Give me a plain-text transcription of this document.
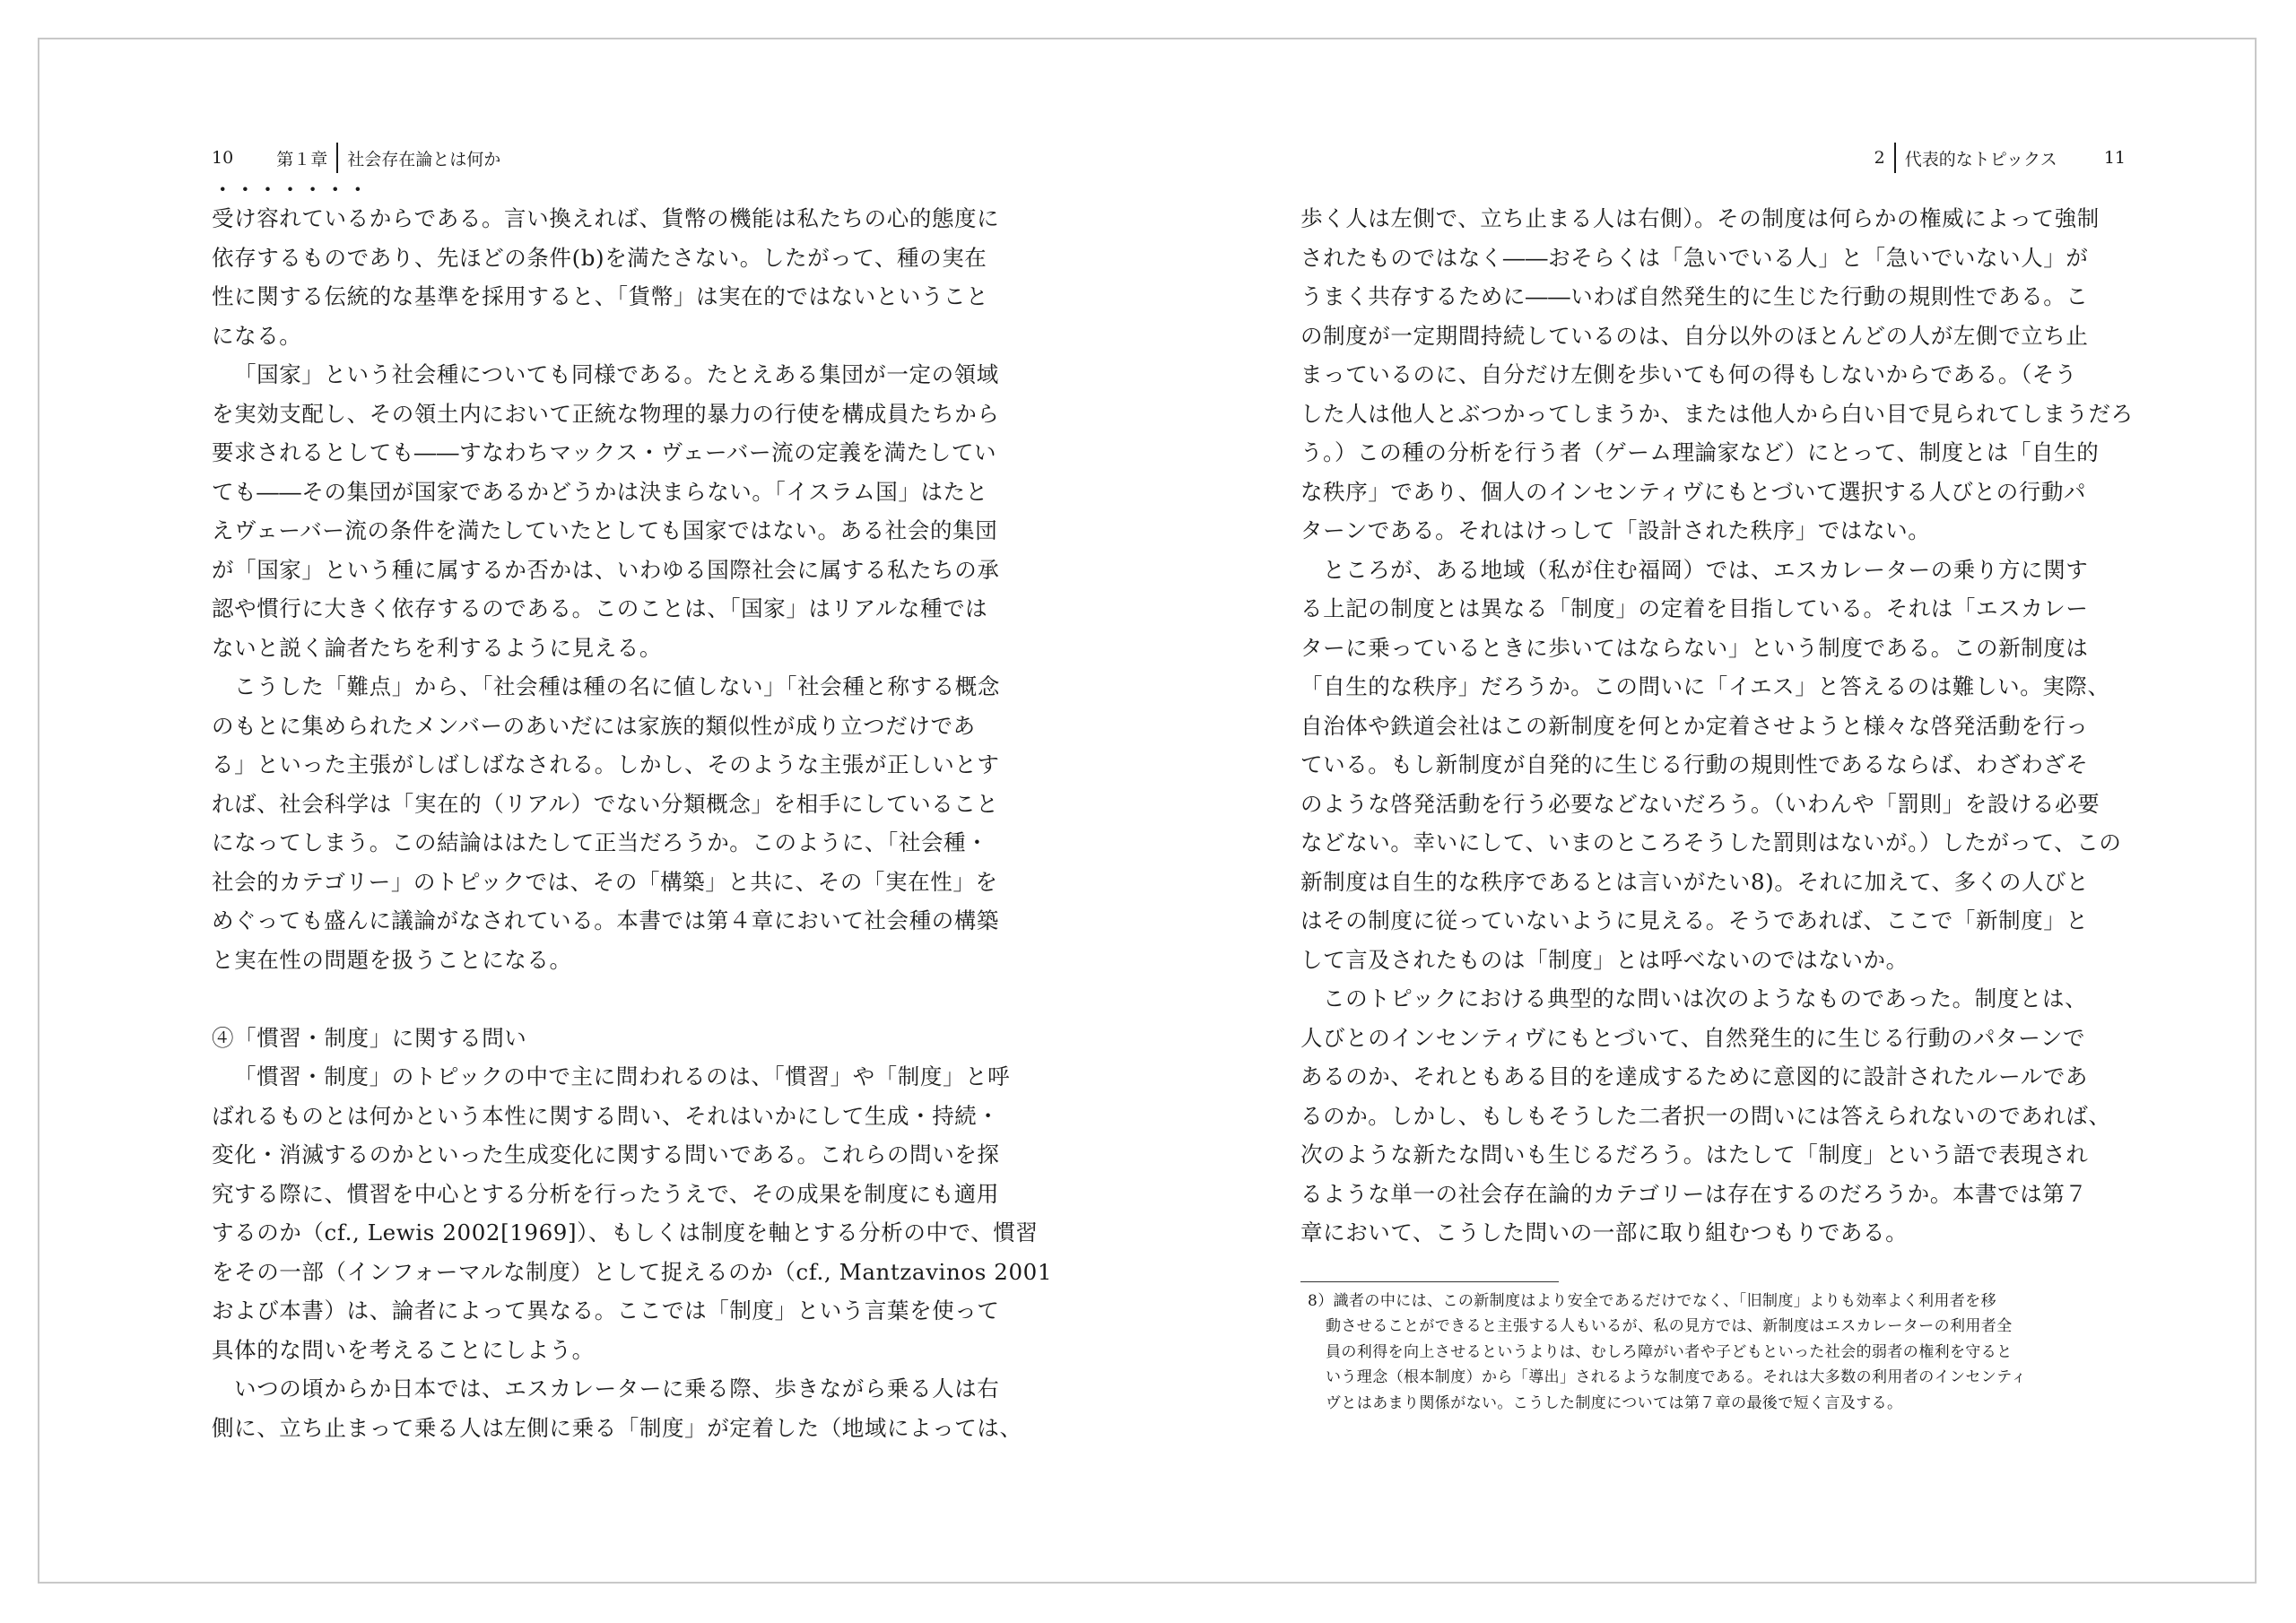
10	第１章 社会存在論とは何か
・・・・・・・ 受け容れているからである。言い換えれば、貨幣の機能は私たちの心的態度に
依存するものであり、先ほどの条件(b)を満たさない。したがって、種の実在
性に関する伝統的な基準を採用すると、「貨幣」は実在的ではないということ
になる。
「国家」という社会種についても同様である。たとえある集団が一定の領域
を実効支配し、その領土内において正統な物理的暴力の行使を構成員たちから
要求されるとしても――すなわちマックス・ヴェーバー流の定義を満たしてい
ても――その集団が国家であるかどうかは決まらない。「イスラム国」はたと
えヴェーバー流の条件を満たしていたとしても国家ではない。ある社会的集団
が「国家」という種に属するか否かは、いわゆる国際社会に属する私たちの承
認や慣行に大きく依存するのである。このことは、「国家」はリアルな種では
ないと説く論者たちを利するように見える。
こうした「難点」から、「社会種は種の名に値しない」「社会種と称する概念
のもとに集められたメンバーのあいだには家族的類似性が成り立つだけであ
る」といった主張がしばしばなされる。しかし、そのような主張が正しいとす
れば、社会科学は「実在的（リアル）でない分類概念」を相手にしていること
になってしまう。この結論ははたして正当だろうか。このように、「社会種・
社会的カテゴリー」のトピックでは、その「構築」と共に、その「実在性」を
めぐっても盛んに議論がなされている。本書では第４章において社会種の構築
と実在性の問題を扱うことになる。
④「慣習・制度」に関する問い
「慣習・制度」のトピックの中で主に問われるのは、「慣習」や「制度」と呼
ばれるものとは何かという本性に関する問い、それはいかにして生成・持続・
変化・消滅するのかといった生成変化に関する問いである。これらの問いを探
究する際に、慣習を中心とする分析を行ったうえで、その成果を制度にも適用
するのか（cf., Lewis 2002[1969]）、もしくは制度を軸とする分析の中で、慣習
をその一部（インフォーマルな制度）として捉えるのか（cf., Mantzavinos 2001
および本書）は、論者によって異なる。ここでは「制度」という言葉を使って
具体的な問いを考えることにしよう。
いつの頃からか日本では、エスカレーターに乗る際、歩きながら乗る人は右
側に、立ち止まって乗る人は左側に乗る「制度」が定着した（地域によっては、
2 代表的なトピックス	11
歩く人は左側で、立ち止まる人は右側）。その制度は何らかの権威によって強制
されたものではなく――おそらくは「急いでいる人」と「急いでいない人」が
うまく共存するために――いわば自然発生的に生じた行動の規則性である。こ
の制度が一定期間持続しているのは、自分以外のほとんどの人が左側で立ち止
まっているのに、自分だけ左側を歩いても何の得もしないからである。（そう
した人は他人とぶつかってしまうか、または他人から白い目で見られてしまうだろ
う。）この種の分析を行う者（ゲーム理論家など）にとって、制度とは「自生的
な秩序」であり、個人のインセンティヴにもとづいて選択する人びとの行動パ
ターンである。それはけっして「設計された秩序」ではない。
ところが、ある地域（私が住む福岡）では、エスカレーターの乗り方に関す
る上記の制度とは異なる「制度」の定着を目指している。それは「エスカレー
ターに乗っているときに歩いてはならない」という制度である。この新制度は
「自生的な秩序」だろうか。この問いに「イエス」と答えるのは難しい。実際、
自治体や鉄道会社はこの新制度を何とか定着させようと様々な啓発活動を行っ
ている。もし新制度が自発的に生じる行動の規則性であるならば、わざわざそ
のような啓発活動を行う必要などないだろう。（いわんや「罰則」を設ける必要
などない。幸いにして、いまのところそうした罰則はないが。）したがって、この
新制度は自生的な秩序であるとは言いがたい8)。それに加えて、多くの人びと
はその制度に従っていないように見える。そうであれば、ここで「新制度」と
して言及されたものは「制度」とは呼べないのではないか。
このトピックにおける典型的な問いは次のようなものであった。制度とは、
人びとのインセンティヴにもとづいて、自然発生的に生じる行動のパターンで
あるのか、それともある目的を達成するために意図的に設計されたルールであ
るのか。しかし、もしもそうした二者択一の問いには答えられないのであれば、
次のような新たな問いも生じるだろう。はたして「制度」という語で表現され
るような単一の社会存在論的カテゴリーは存在するのだろうか。本書では第７
章において、こうした問いの一部に取り組むつもりである。
8）識者の中には、この新制度はより安全であるだけでなく、「旧制度」よりも効率よく利用者を移
動させることができると主張する人もいるが、私の見方では、新制度はエスカレーターの利用者全
員の利得を向上させるというよりは、むしろ障がい者や子どもといった社会的弱者の権利を守ると
いう理念（根本制度）から「導出」されるような制度である。それは大多数の利用者のインセンティ
ヴとはあまり関係がない。こうした制度については第７章の最後で短く言及する。
